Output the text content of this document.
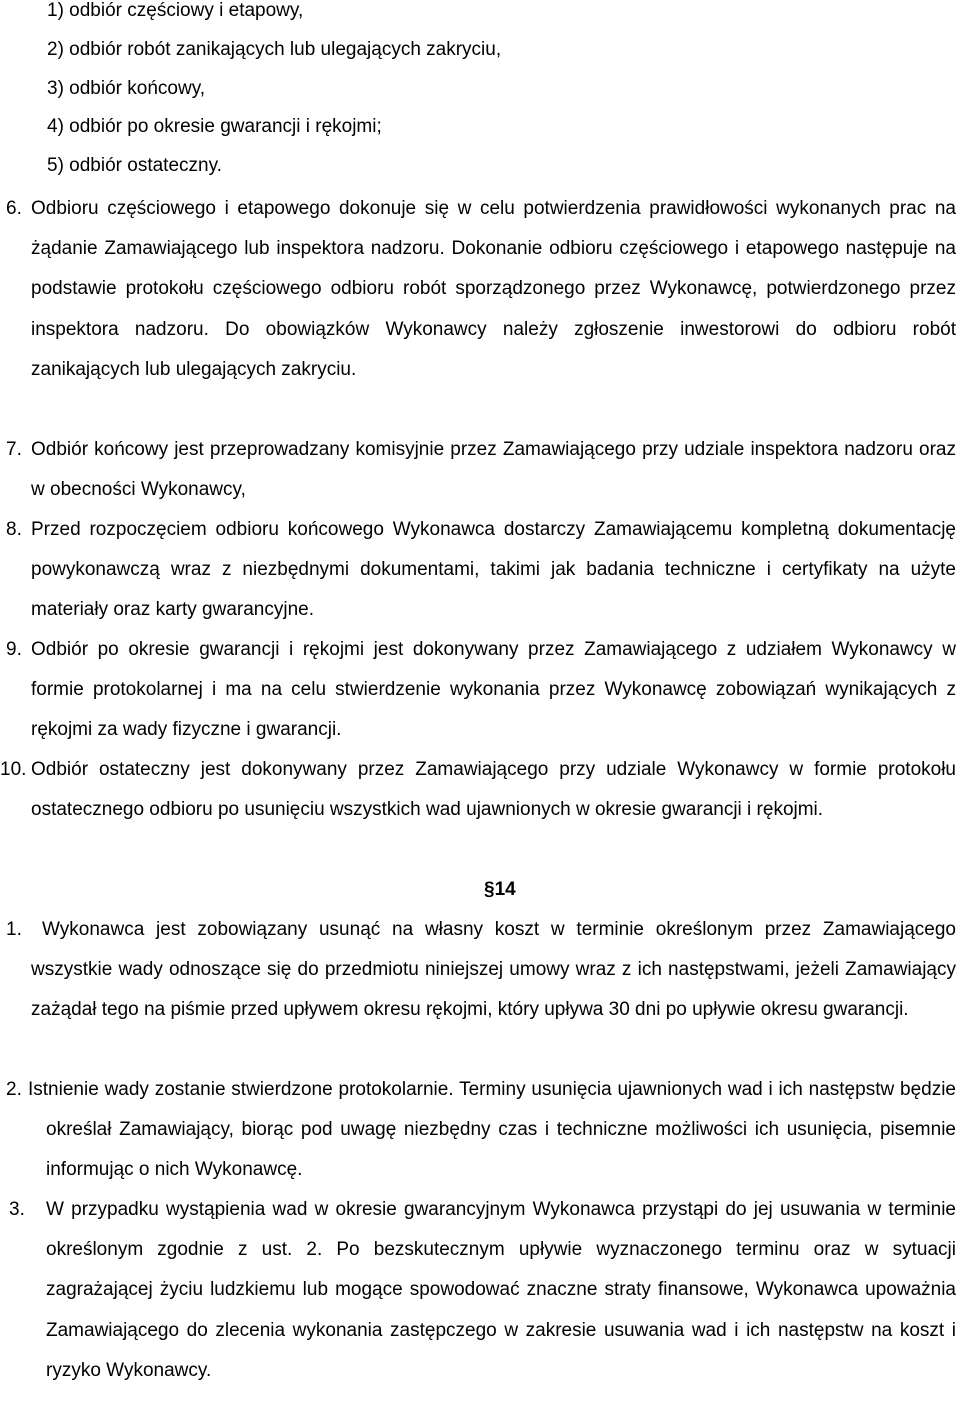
1) odbiór częściowy i etapowy,
2) odbiór robót zanikających lub ulegających zakryciu,
3) odbiór końcowy,
4) odbiór po okresie gwarancji i rękojmi;
5) odbiór ostateczny.
6. Odbioru częściowego i etapowego dokonuje się w celu potwierdzenia prawidłowości wykonanych prac na żądanie Zamawiającego lub inspektora nadzoru. Dokonanie odbioru częściowego i etapowego następuje na podstawie protokołu częściowego odbioru robót sporządzonego przez Wykonawcę, potwierdzonego przez inspektora nadzoru. Do obowiązków Wykonawcy należy zgłoszenie inwestorowi do odbioru robót zanikających lub ulegających zakryciu.
7. Odbiór końcowy jest przeprowadzany komisyjnie przez Zamawiającego przy udziale inspektora nadzoru oraz w obecności Wykonawcy,
8. Przed rozpoczęciem odbioru końcowego Wykonawca dostarczy Zamawiającemu kompletną dokumentację powykonawczą wraz z niezbędnymi dokumentami, takimi jak badania techniczne i certyfikaty na użyte materiały oraz karty gwarancyjne.
9. Odbiór po okresie gwarancji i rękojmi jest dokonywany przez Zamawiającego z udziałem Wykonawcy w formie protokolarnej i ma na celu stwierdzenie wykonania przez Wykonawcę zobowiązań wynikających z rękojmi za wady fizyczne i gwarancji.
10. Odbiór ostateczny jest dokonywany przez Zamawiającego przy udziale Wykonawcy w formie protokołu ostatecznego odbioru po usunięciu wszystkich wad ujawnionych w okresie gwarancji i rękojmi.
§14
1.	Wykonawca jest zobowiązany usunąć na własny koszt w terminie określonym przez Zamawiającego wszystkie wady odnoszące się do przedmiotu niniejszej umowy wraz z ich następstwami, jeżeli Zamawiający zażądał tego na piśmie przed upływem okresu rękojmi, który upływa 30 dni po upływie okresu gwarancji.
2. Istnienie wady zostanie stwierdzone protokolarnie. Terminy usunięcia ujawnionych wad i ich następstw będzie określał Zamawiający, biorąc pod uwagę niezbędny czas i techniczne możliwości ich usunięcia, pisemnie informując o nich Wykonawcę.
3. W przypadku wystąpienia wad w okresie gwarancyjnym Wykonawca przystąpi do jej usuwania w terminie określonym zgodnie z ust. 2. Po bezskutecznym upływie wyznaczonego terminu oraz w sytuacji zagrażającej życiu ludzkiemu lub mogące spowodować znaczne straty finansowe, Wykonawca upoważnia Zamawiającego do zlecenia wykonania zastępczego w zakresie usuwania wad i ich następstw na koszt i ryzyko Wykonawcy.
